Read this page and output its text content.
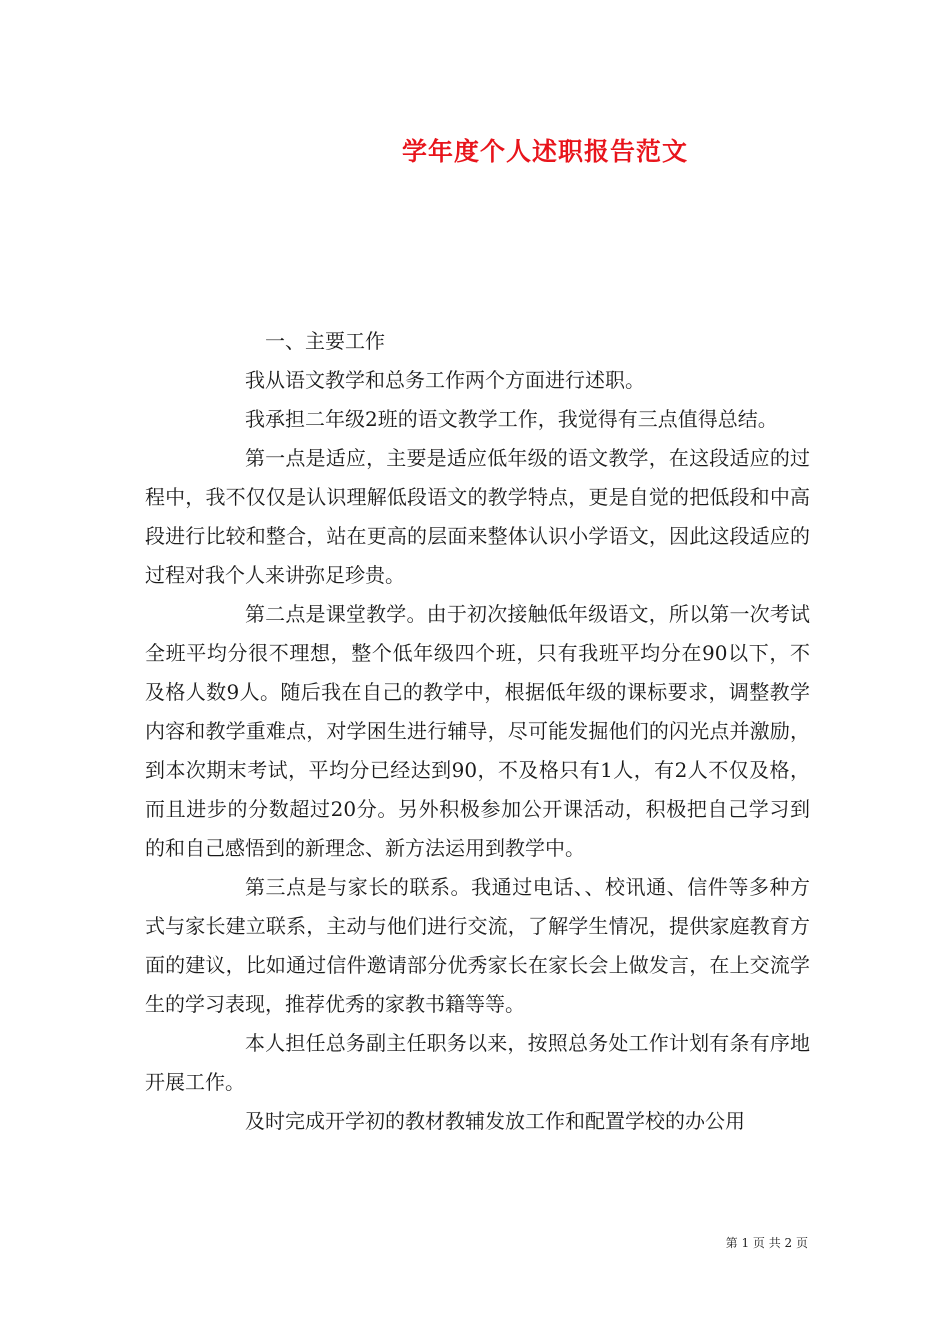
学年度个人述职报告范文

一、主要工作

我从语文教学和总务工作两个方面进行述职。

我承担二年级2班的语文教学工作，我觉得有三点值得总结。

第一点是适应，主要是适应低年级的语文教学，在这段适应的过程中，我不仅仅是认识理解低段语文的教学特点，更是自觉的把低段和中高段进行比较和整合，站在更高的层面来整体认识小学语文，因此这段适应的过程对我个人来讲弥足珍贵。

第二点是课堂教学。由于初次接触低年级语文，所以第一次考试全班平均分很不理想，整个低年级四个班，只有我班平均分在90以下，不及格人数9人。随后我在自己的教学中，根据低年级的课标要求，调整教学内容和教学重难点，对学困生进行辅导，尽可能发掘他们的闪光点并激励，到本次期末考试，平均分已经达到90，不及格只有1人，有2人不仅及格，而且进步的分数超过20分。另外积极参加公开课活动，积极把自己学习到的和自己感悟到的新理念、新方法运用到教学中。

第三点是与家长的联系。我通过电话、、校讯通、信件等多种方式与家长建立联系，主动与他们进行交流，了解学生情况，提供家庭教育方面的建议，比如通过信件邀请部分优秀家长在家长会上做发言，在上交流学生的学习表现，推荐优秀的家教书籍等等。

本人担任总务副主任职务以来，按照总务处工作计划有条有序地开展工作。

及时完成开学初的教材教辅发放工作和配置学校的办公用

第 1 页 共 2 页
